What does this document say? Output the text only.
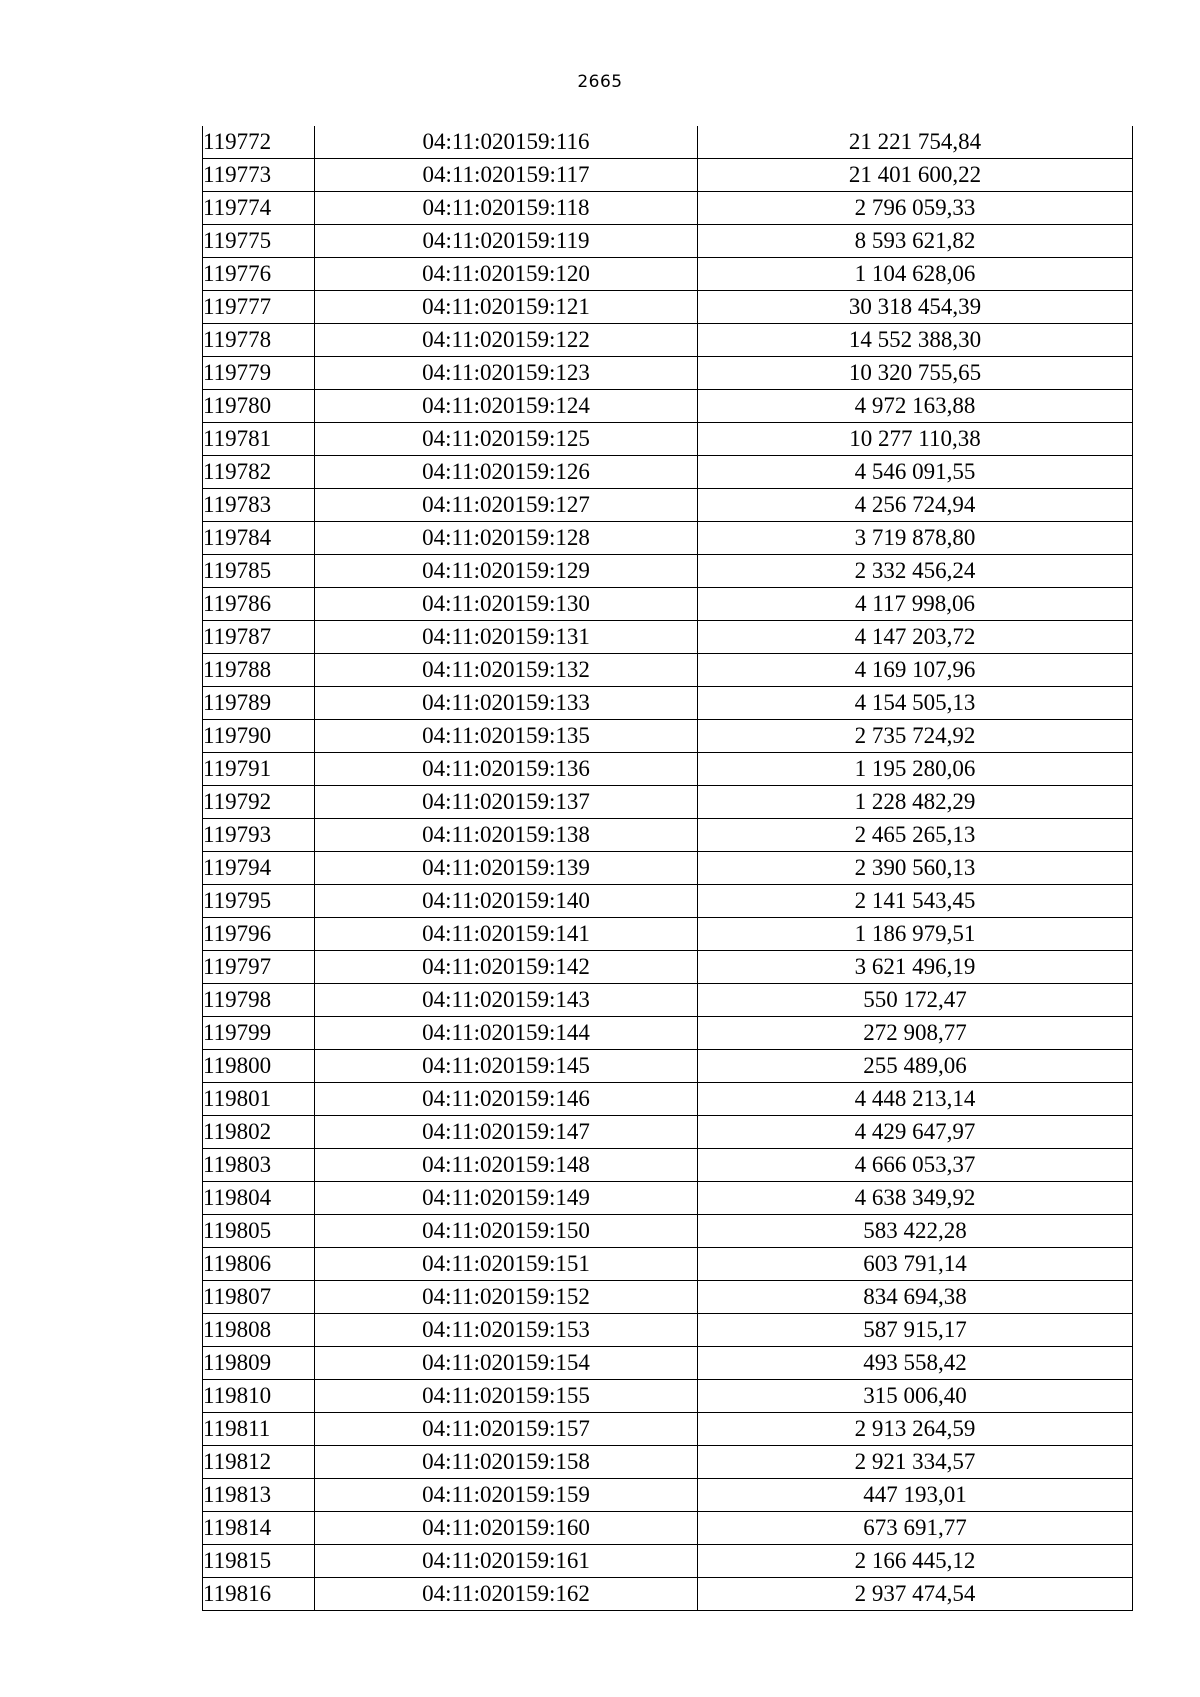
2665
119772	04:11:020159:116	21 221 754,84
119773	04:11:020159:117	21 401 600,22
119774	04:11:020159:118	2 796 059,33
119775	04:11:020159:119	8 593 621,82
119776	04:11:020159:120	1 104 628,06
119777	04:11:020159:121	30 318 454,39
119778	04:11:020159:122	14 552 388,30
119779	04:11:020159:123	10 320 755,65
119780	04:11:020159:124	4 972 163,88
119781	04:11:020159:125	10 277 110,38
119782	04:11:020159:126	4 546 091,55
119783	04:11:020159:127	4 256 724,94
119784	04:11:020159:128	3 719 878,80
119785	04:11:020159:129	2 332 456,24
119786	04:11:020159:130	4 117 998,06
119787	04:11:020159:131	4 147 203,72
119788	04:11:020159:132	4 169 107,96
119789	04:11:020159:133	4 154 505,13
119790	04:11:020159:135	2 735 724,92
119791	04:11:020159:136	1 195 280,06
119792	04:11:020159:137	1 228 482,29
119793	04:11:020159:138	2 465 265,13
119794	04:11:020159:139	2 390 560,13
119795	04:11:020159:140	2 141 543,45
119796	04:11:020159:141	1 186 979,51
119797	04:11:020159:142	3 621 496,19
119798	04:11:020159:143	550 172,47
119799	04:11:020159:144	272 908,77
119800	04:11:020159:145	255 489,06
119801	04:11:020159:146	4 448 213,14
119802	04:11:020159:147	4 429 647,97
119803	04:11:020159:148	4 666 053,37
119804	04:11:020159:149	4 638 349,92
119805	04:11:020159:150	583 422,28
119806	04:11:020159:151	603 791,14
119807	04:11:020159:152	834 694,38
119808	04:11:020159:153	587 915,17
119809	04:11:020159:154	493 558,42
119810	04:11:020159:155	315 006,40
119811	04:11:020159:157	2 913 264,59
119812	04:11:020159:158	2 921 334,57
119813	04:11:020159:159	447 193,01
119814	04:11:020159:160	673 691,77
119815	04:11:020159:161	2 166 445,12
119816	04:11:020159:162	2 937 474,54
